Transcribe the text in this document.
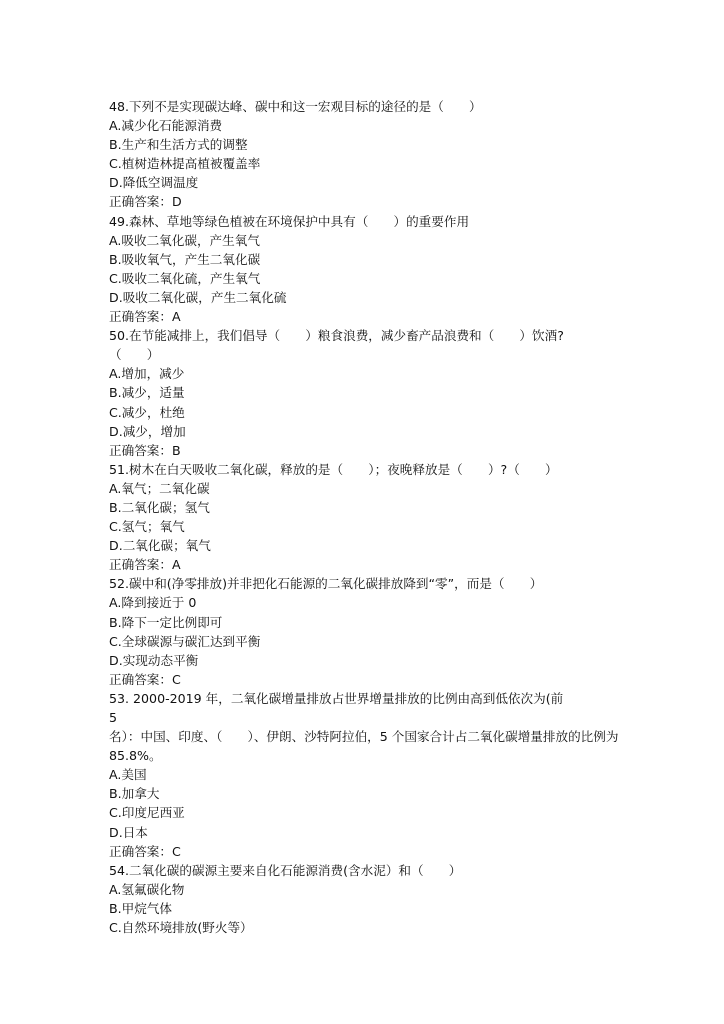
48.下列不是实现碳达峰、碳中和这一宏观目标的途径的是（　　）
A.减少化石能源消费
B.生产和生活方式的调整
C.植树造林提高植被覆盖率
D.降低空调温度
正确答案：D
49.森林、草地等绿色植被在环境保护中具有（　　）的重要作用
A.吸收二氧化碳，产生氧气
B.吸收氧气，产生二氧化碳
C.吸收二氧化硫，产生氧气
D.吸收二氧化碳，产生二氧化硫
正确答案：A
50.在节能减排上，我们倡导（　　）粮食浪费，减少畜产品浪费和（　　）饮酒?
（　　）
A.增加，减少
B.减少，适量
C.减少，杜绝
D.减少，增加
正确答案：B
51.树木在白天吸收二氧化碳，释放的是（　　）；夜晚释放是（　　）?（　　）
A.氧气；二氧化碳
B.二氧化碳；氢气
C.氢气；氧气
D.二氧化碳；氧气
正确答案：A
52.碳中和(净零排放)并非把化石能源的二氧化碳排放降到“零”，而是（　　）
A.降到接近于 0
B.降下一定比例即可
C.全球碳源与碳汇达到平衡
D.实现动态平衡
正确答案：C
53. 2000-2019 年，二氧化碳增量排放占世界增量排放的比例由高到低依次为(前
5
名）：中国、印度、（　　）、伊朗、沙特阿拉伯，5 个国家合计占二氧化碳增量排放的比例为 85.8%。
A.美国
B.加拿大
C.印度尼西亚
D.日本
正确答案：C
54.二氧化碳的碳源主要来自化石能源消费(含水泥）和（　　）
A.氢氟碳化物
B.甲烷气体
C.自然环境排放(野火等）
